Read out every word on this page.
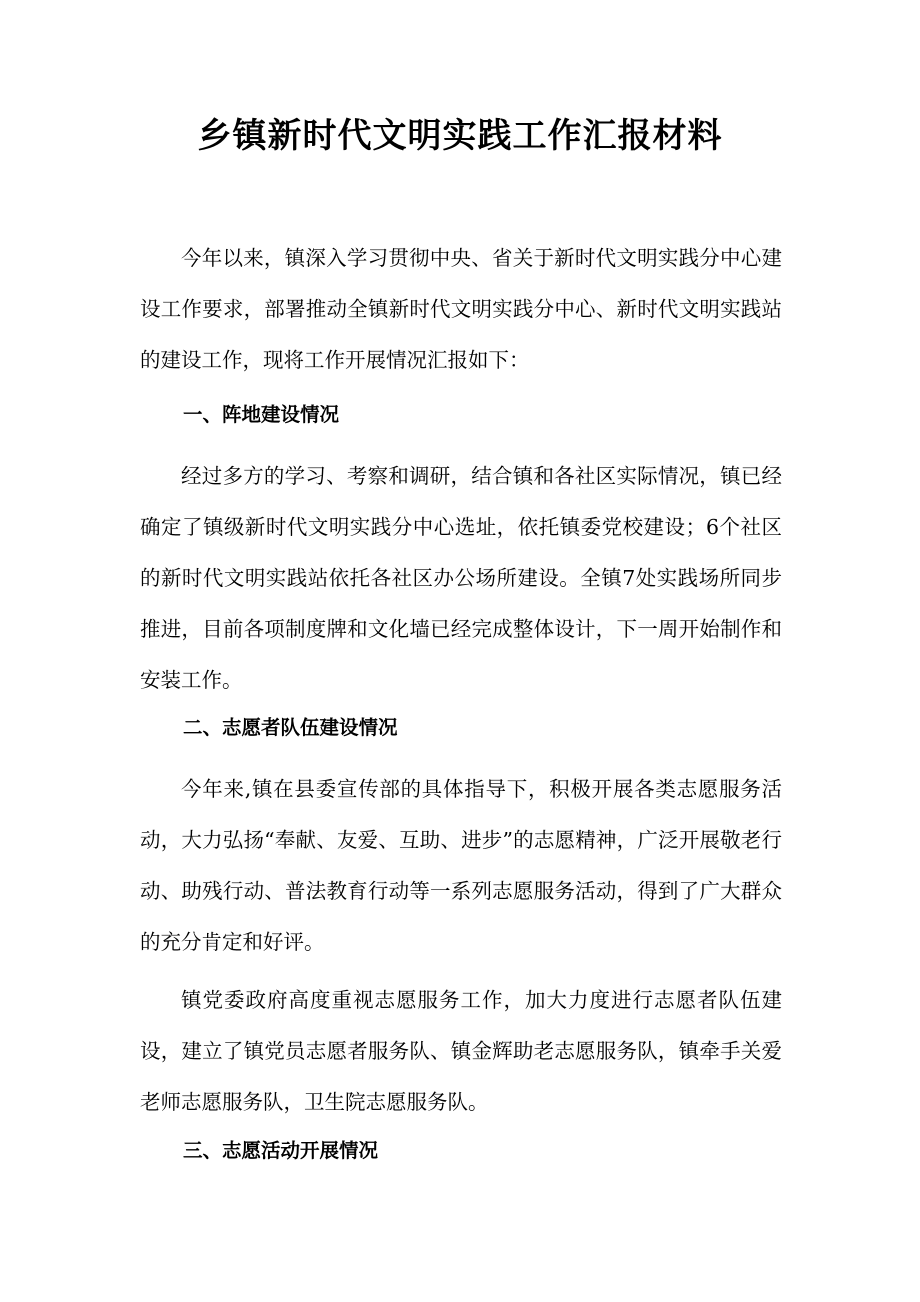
乡镇新时代文明实践工作汇报材料

今年以来，镇深入学习贯彻中央、省关于新时代文明实践分中心建设工作要求，部署推动全镇新时代文明实践分中心、新时代文明实践站的建设工作，现将工作开展情况汇报如下：

一、阵地建设情况

经过多方的学习、考察和调研，结合镇和各社区实际情况，镇已经确定了镇级新时代文明实践分中心选址，依托镇委党校建设；6个社区的新时代文明实践站依托各社区办公场所建设。全镇7处实践场所同步推进，目前各项制度牌和文化墙已经完成整体设计，下一周开始制作和安装工作。

二、志愿者队伍建设情况

今年来,镇在县委宣传部的具体指导下，积极开展各类志愿服务活动，大力弘扬“奉献、友爱、互助、进步”的志愿精神，广泛开展敬老行动、助残行动、普法教育行动等一系列志愿服务活动，得到了广大群众的充分肯定和好评。

镇党委政府高度重视志愿服务工作，加大力度进行志愿者队伍建设，建立了镇党员志愿者服务队、镇金辉助老志愿服务队，镇牵手关爱老师志愿服务队，卫生院志愿服务队。

三、志愿活动开展情况
